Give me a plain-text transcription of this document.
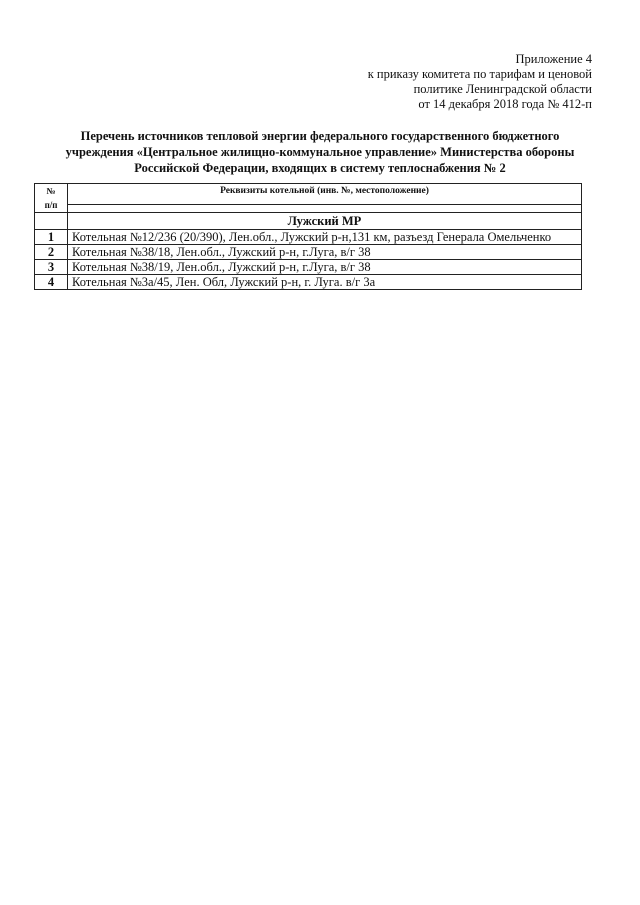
Приложение 4
к приказу комитета по тарифам и ценовой
политике Ленинградской области
от 14 декабря 2018 года № 412-п
Перечень источников тепловой энергии федерального государственного бюджетного
учреждения «Центральное жилищно-коммунальное управление» Министерства обороны
Российской Федерации, входящих в систему теплоснабжения № 2
№
п/п	Реквизиты котельной (инв. №, местоположение)

	Лужский МР
1	Котельная №12/236 (20/390), Лен.обл., Лужский р-н,131 км, разъезд Генерала Омельченко
2	Котельная №38/18, Лен.обл., Лужский р-н, г.Луга, в/г 38
3	Котельная №38/19, Лен.обл., Лужский р-н, г.Луга, в/г 38
4	Котельная №3а/45, Лен. Обл, Лужский р-н, г. Луга. в/г 3а
